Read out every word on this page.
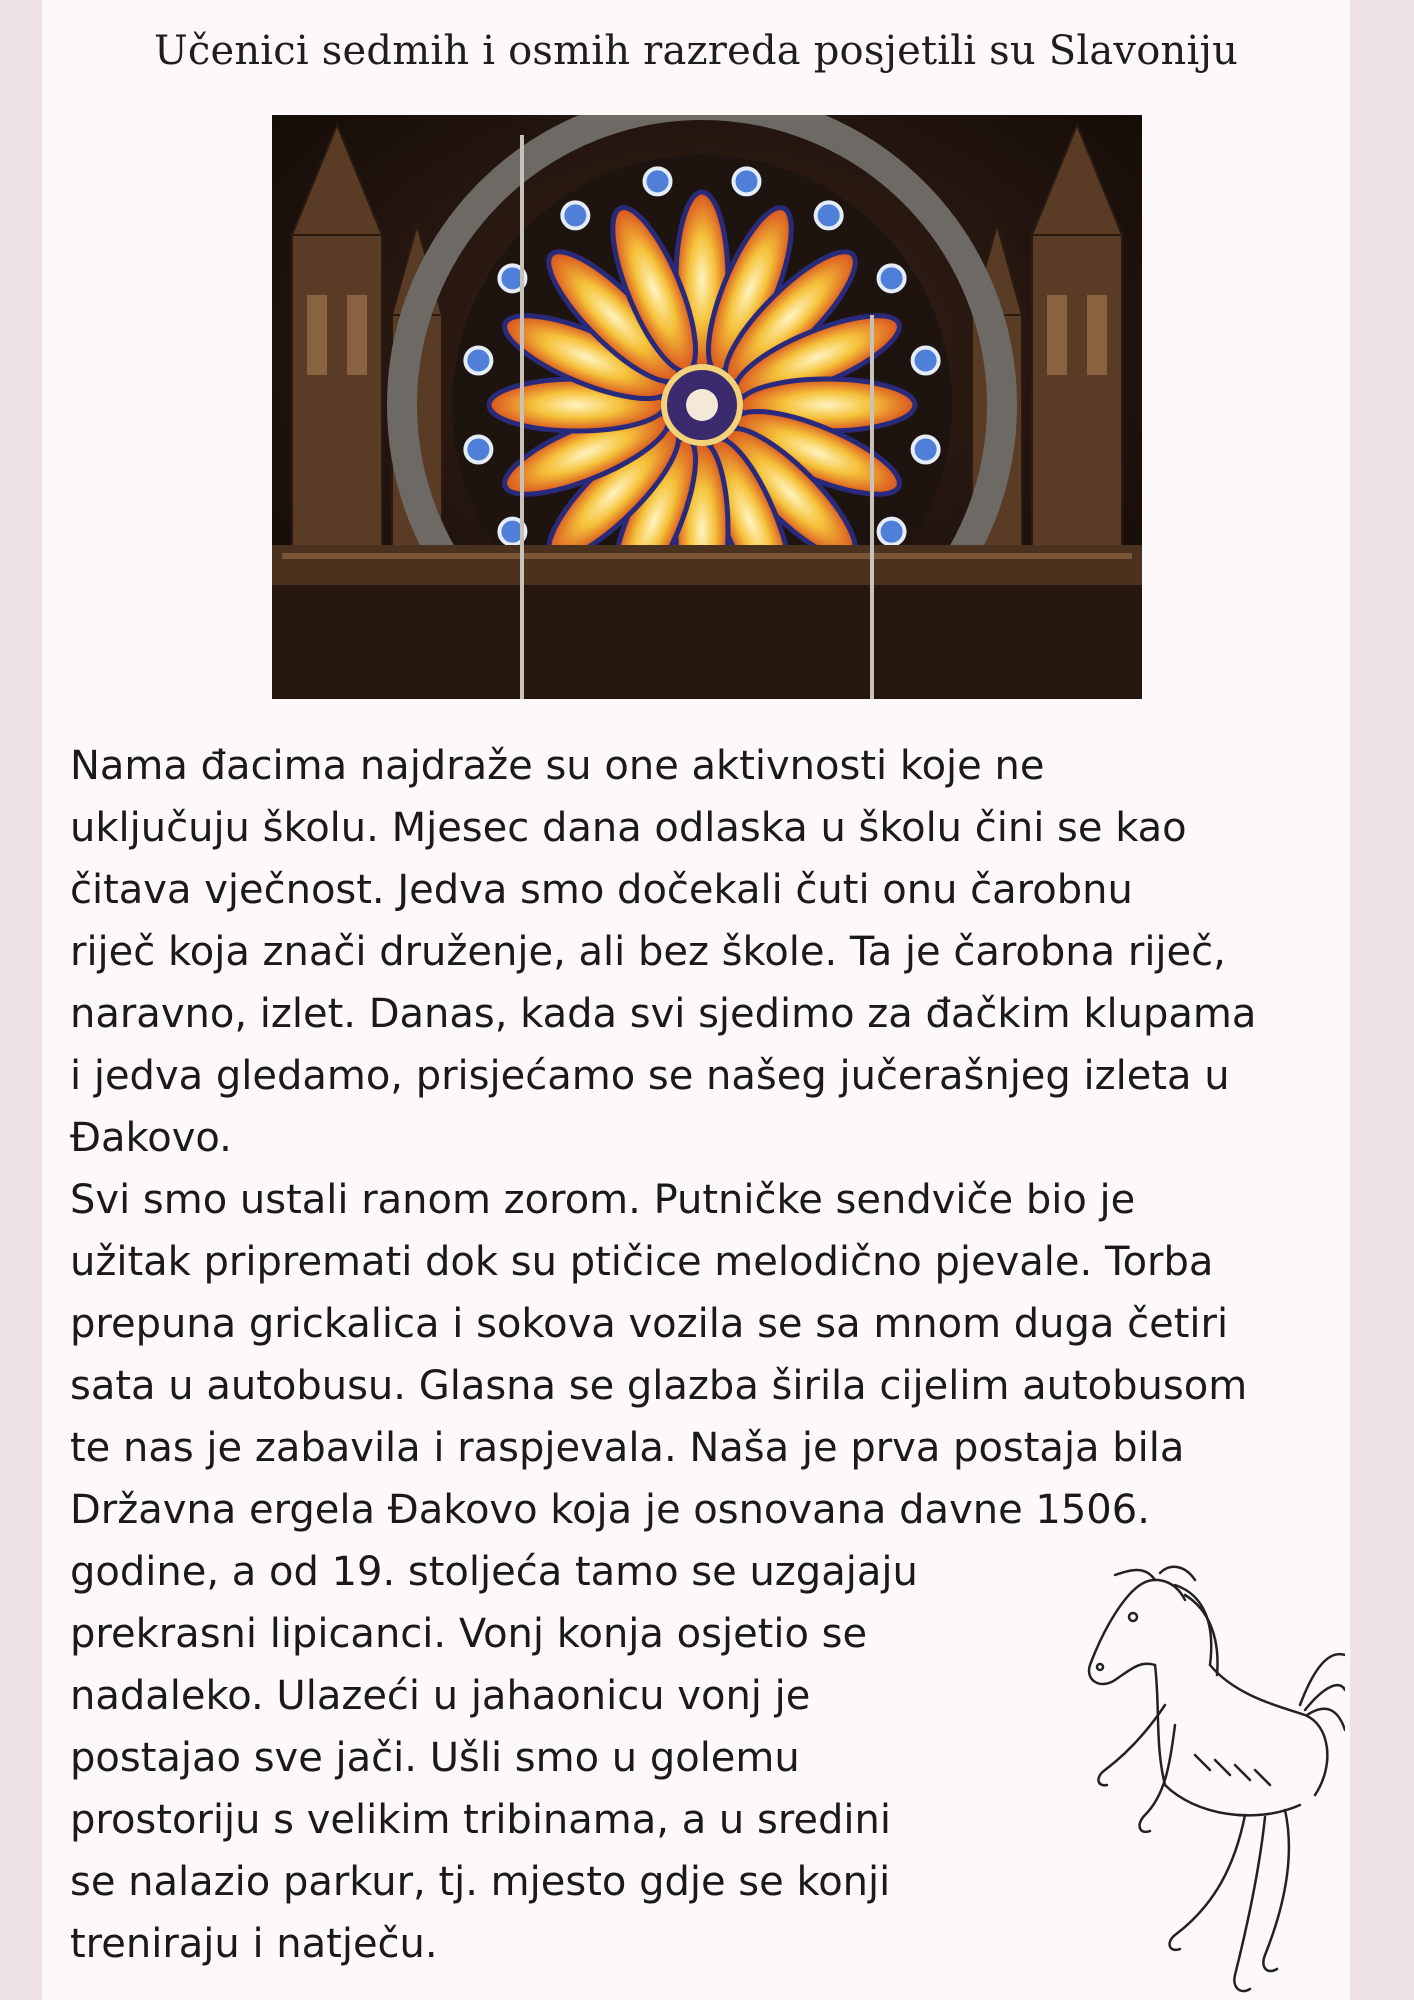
Učenici sedmih i osmih razreda posjetili su Slavoniju

Nama đacima najdraže su one aktivnosti koje ne
uključuju školu. Mjesec dana odlaska u školu čini se kao
čitava vječnost. Jedva smo dočekali čuti onu čarobnu
riječ koja znači druženje, ali bez škole. Ta je čarobna riječ,
naravno, izlet. Danas, kada svi sjedimo za đačkim klupama
i jedva gledamo, prisjećamo se našeg jučerašnjeg izleta u
Đakovo.

Svi smo ustali ranom zorom. Putničke sendviče bio je
užitak pripremati dok su ptičice melodično pjevale. Torba
prepuna grickalica i sokova vozila se sa mnom duga četiri
sata u autobusu. Glasna se glazba širila cijelim autobusom
te nas je zabavila i raspjevala. Naša je prva postaja bila
Državna ergela Đakovo koja je osnovana davne 1506.
godine, a od 19. stoljeća tamo se uzgajaju
prekrasni lipicanci. Vonj konja osjetio se
nadaleko. Ulazeći u jahaonicu vonj je
postajao sve jači. Ušli smo u golemu
prostoriju s velikim tribinama, a u sredini
se nalazio parkur, tj. mjesto gdje se konji
treniraju i natječu.
